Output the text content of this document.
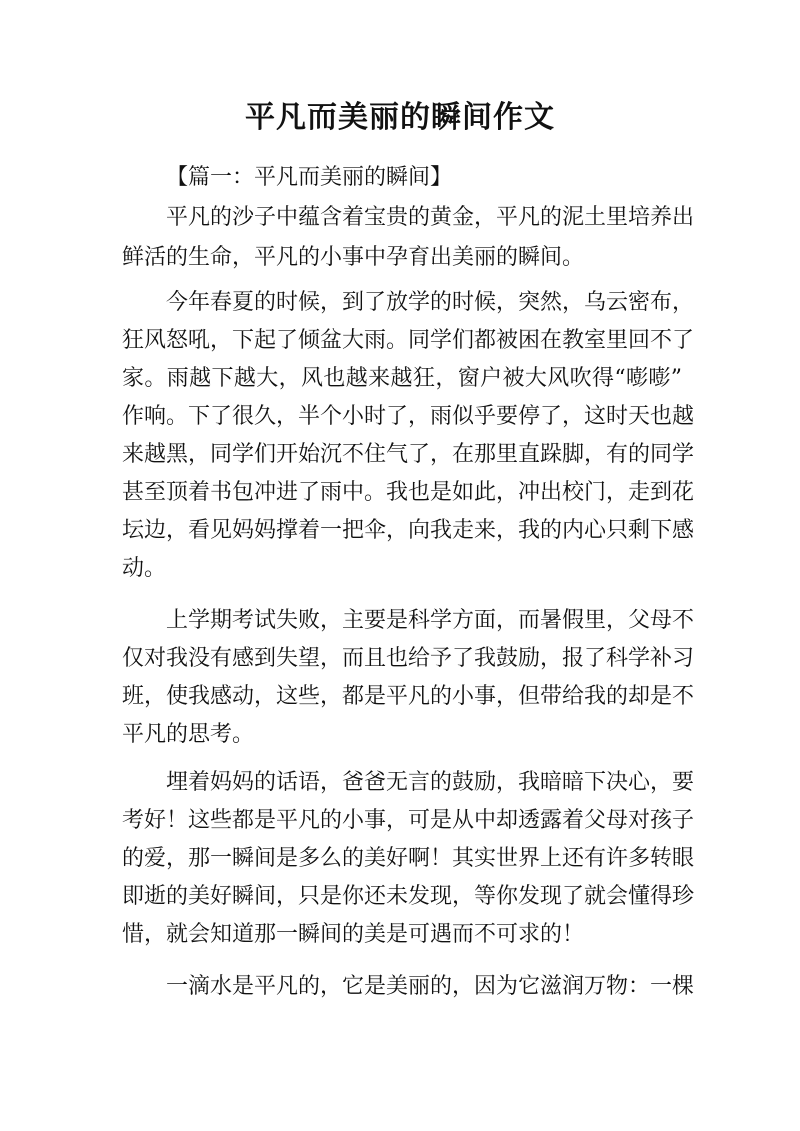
平凡而美丽的瞬间作文
【篇一：平凡而美丽的瞬间】
平凡的沙子中蕴含着宝贵的黄金，平凡的泥土里培养出
鲜活的生命，平凡的小事中孕育出美丽的瞬间。
今年春夏的时候，到了放学的时候，突然，乌云密布，
狂风怒吼，下起了倾盆大雨。同学们都被困在教室里回不了
家。雨越下越大，风也越来越狂，窗户被大风吹得“嘭嘭”
作响。下了很久，半个小时了，雨似乎要停了，这时天也越
来越黑，同学们开始沉不住气了，在那里直跺脚，有的同学
甚至顶着书包冲进了雨中。我也是如此，冲出校门，走到花
坛边，看见妈妈撑着一把伞，向我走来，我的内心只剩下感
动。
上学期考试失败，主要是科学方面，而暑假里，父母不
仅对我没有感到失望，而且也给予了我鼓励，报了科学补习
班，使我感动，这些，都是平凡的小事，但带给我的却是不
平凡的思考。
埋着妈妈的话语，爸爸无言的鼓励，我暗暗下决心，要
考好！这些都是平凡的小事，可是从中却透露着父母对孩子
的爱，那一瞬间是多么的美好啊！其实世界上还有许多转眼
即逝的美好瞬间，只是你还未发现，等你发现了就会懂得珍
惜，就会知道那一瞬间的美是可遇而不可求的！
一滴水是平凡的，它是美丽的，因为它滋润万物：一棵
